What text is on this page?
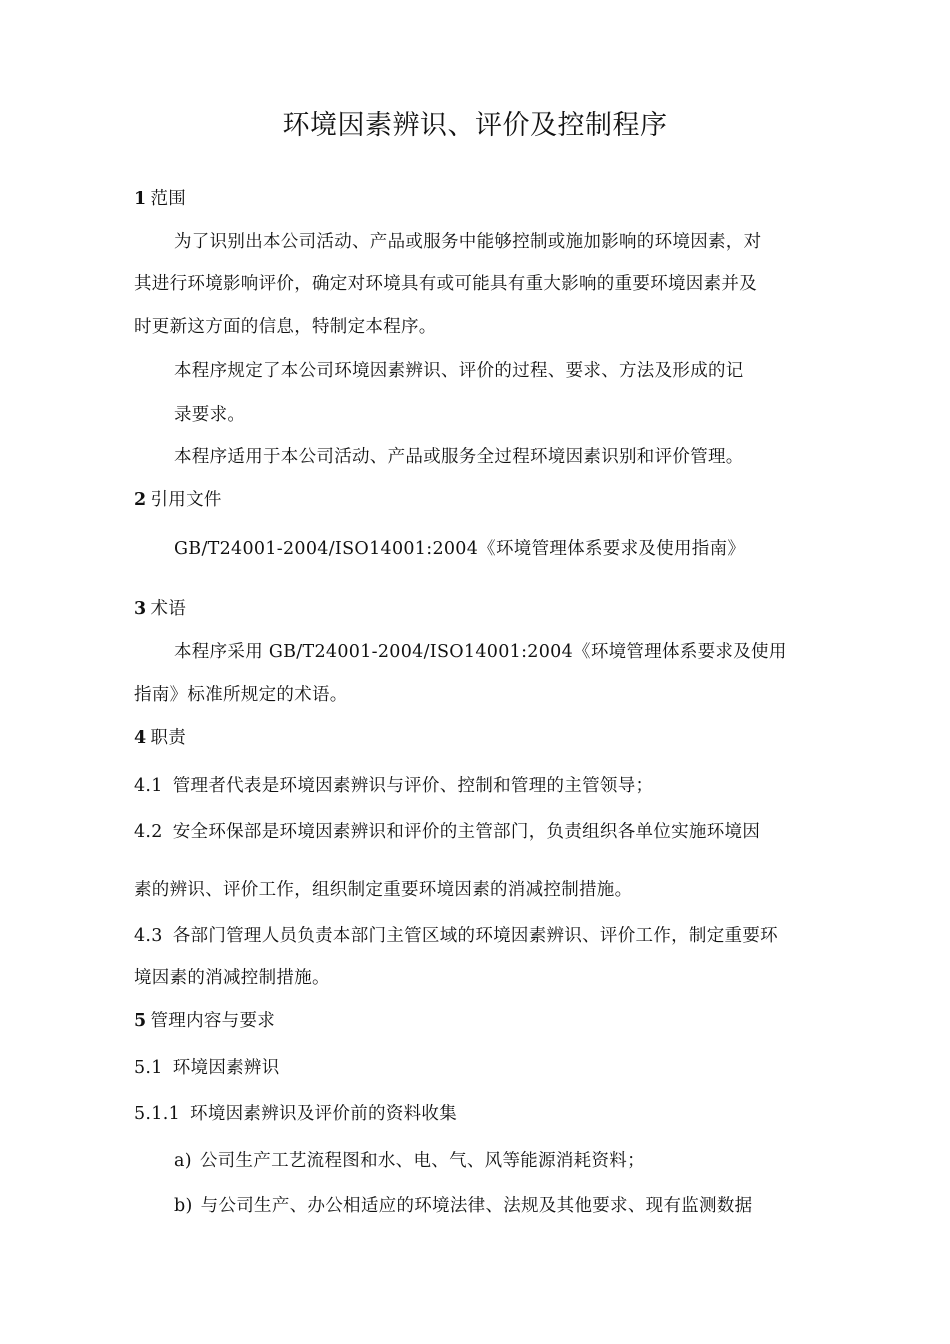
环境因素辨识、评价及控制程序
1 范围
为了识别出本公司活动、产品或服务中能够控制或施加影响的环境因素，对
其进行环境影响评价，确定对环境具有或可能具有重大影响的重要环境因素并及
时更新这方面的信息，特制定本程序。
本程序规定了本公司环境因素辨识、评价的过程、要求、方法及形成的记
录要求。
本程序适用于本公司活动、产品或服务全过程环境因素识别和评价管理。
2 引用文件
GB/T24001-2004/ISO14001:2004《环境管理体系要求及使用指南》
3 术语
本程序采用 GB/T24001-2004/ISO14001:2004《环境管理体系要求及使用
指南》标准所规定的术语。
4 职责
4.1 管理者代表是环境因素辨识与评价、控制和管理的主管领导；
4.2 安全环保部是环境因素辨识和评价的主管部门，负责组织各单位实施环境因
素的辨识、评价工作，组织制定重要环境因素的消减控制措施。
4.3 各部门管理人员负责本部门主管区域的环境因素辨识、评价工作，制定重要环
境因素的消减控制措施。
5 管理内容与要求
5.1 环境因素辨识
5.1.1 环境因素辨识及评价前的资料收集
a) 公司生产工艺流程图和水、电、气、风等能源消耗资料；
b) 与公司生产、办公相适应的环境法律、法规及其他要求、现有监测数据
